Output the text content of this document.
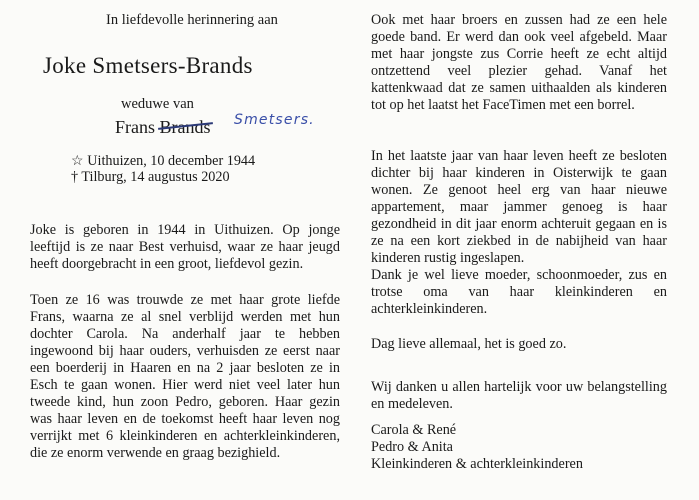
In liefdevolle herinnering aan
Joke Smetsers-Brands
weduwe van
Frans Brands Smetsers.
☆ Uithuizen, 10 december 1944
† Tilburg, 14 augustus 2020
Joke is geboren in 1944 in Uithuizen. Op jonge leeftijd is ze naar Best verhuisd, waar ze haar jeugd heeft doorgebracht in een groot, liefdevol gezin.
Toen ze 16 was trouwde ze met haar grote liefde Frans, waarna ze al snel verblijd werden met hun dochter Carola. Na anderhalf jaar te hebben ingewoond bij haar ouders, verhuisden ze eerst naar een boerderij in Haaren en na 2 jaar besloten ze in Esch te gaan wonen. Hier werd niet veel later hun tweede kind, hun zoon Pedro, geboren. Haar gezin was haar leven en de toekomst heeft haar leven nog verrijkt met 6 kleinkinderen en achterkleinkinderen, die ze enorm verwende en graag bezighield.
Ook met haar broers en zussen had ze een hele goede band. Er werd dan ook veel afgebeld. Maar met haar jongste zus Corrie heeft ze echt altijd ontzettend veel plezier gehad. Vanaf het kattenkwaad dat ze samen uithaalden als kinderen tot op het laatst het FaceTimen met een borrel.
In het laatste jaar van haar leven heeft ze besloten dichter bij haar kinderen in Oisterwijk te gaan wonen. Ze genoot heel erg van haar nieuwe appartement, maar jammer genoeg is haar gezondheid in dit jaar enorm achteruit gegaan en is ze na een kort ziekbed in de nabijheid van haar kinderen rustig ingeslapen.
Dank je wel lieve moeder, schoonmoeder, zus en trotse oma van haar kleinkinderen en achterkleinkinderen.
Dag lieve allemaal, het is goed zo.
Wij danken u allen hartelijk voor uw belangstelling en medeleven.
Carola & René
Pedro & Anita
Kleinkinderen & achterkleinkinderen
